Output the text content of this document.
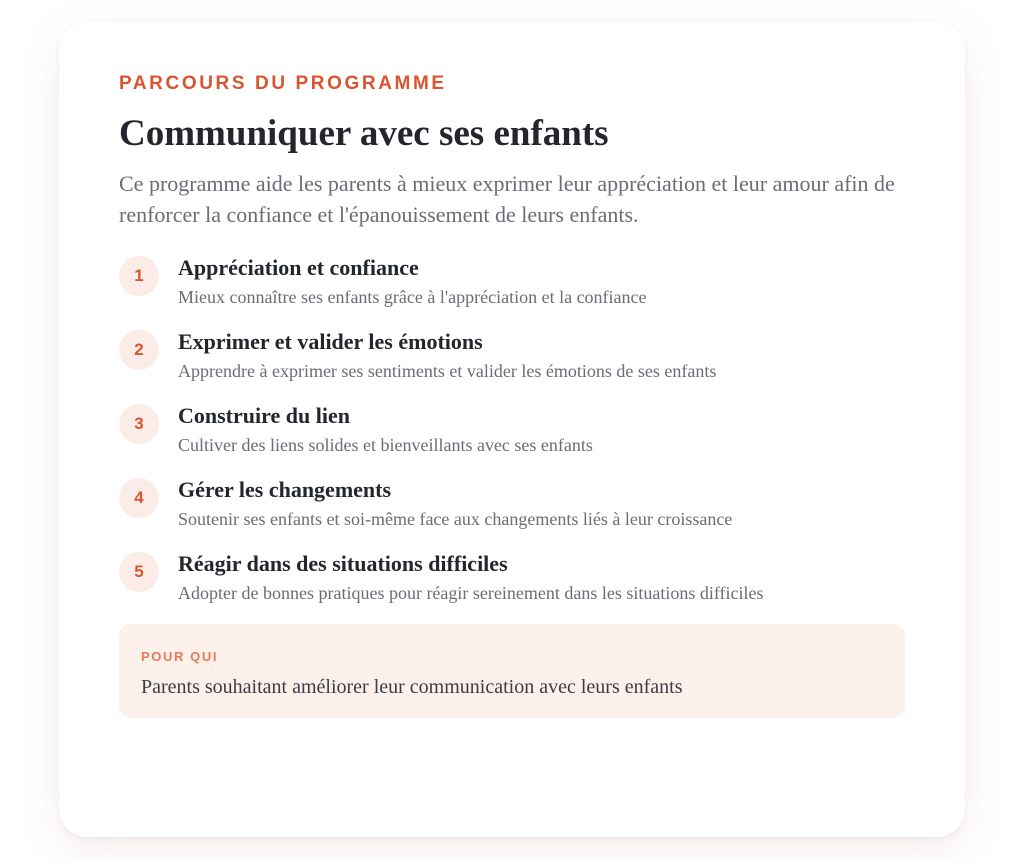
PARCOURS DU PROGRAMME
Communiquer avec ses enfants

Ce programme aide les parents à mieux exprimer leur appréciation et leur amour afin de renforcer la confiance et l'épanouissement de leurs enfants.

1	Appréciation et confiance
Mieux connaître ses enfants grâce à l'appréciation et la confiance
2	Exprimer et valider les émotions
Apprendre à exprimer ses sentiments et valider les émotions de ses enfants
3	Construire du lien
Cultiver des liens solides et bienveillants avec ses enfants
4	Gérer les changements
Soutenir ses enfants et soi-même face aux changements liés à leur croissance
5	Réagir dans des situations difficiles
Adopter de bonnes pratiques pour réagir sereinement dans les situations difficiles
POUR QUI
Parents souhaitant améliorer leur communication avec leurs enfants
